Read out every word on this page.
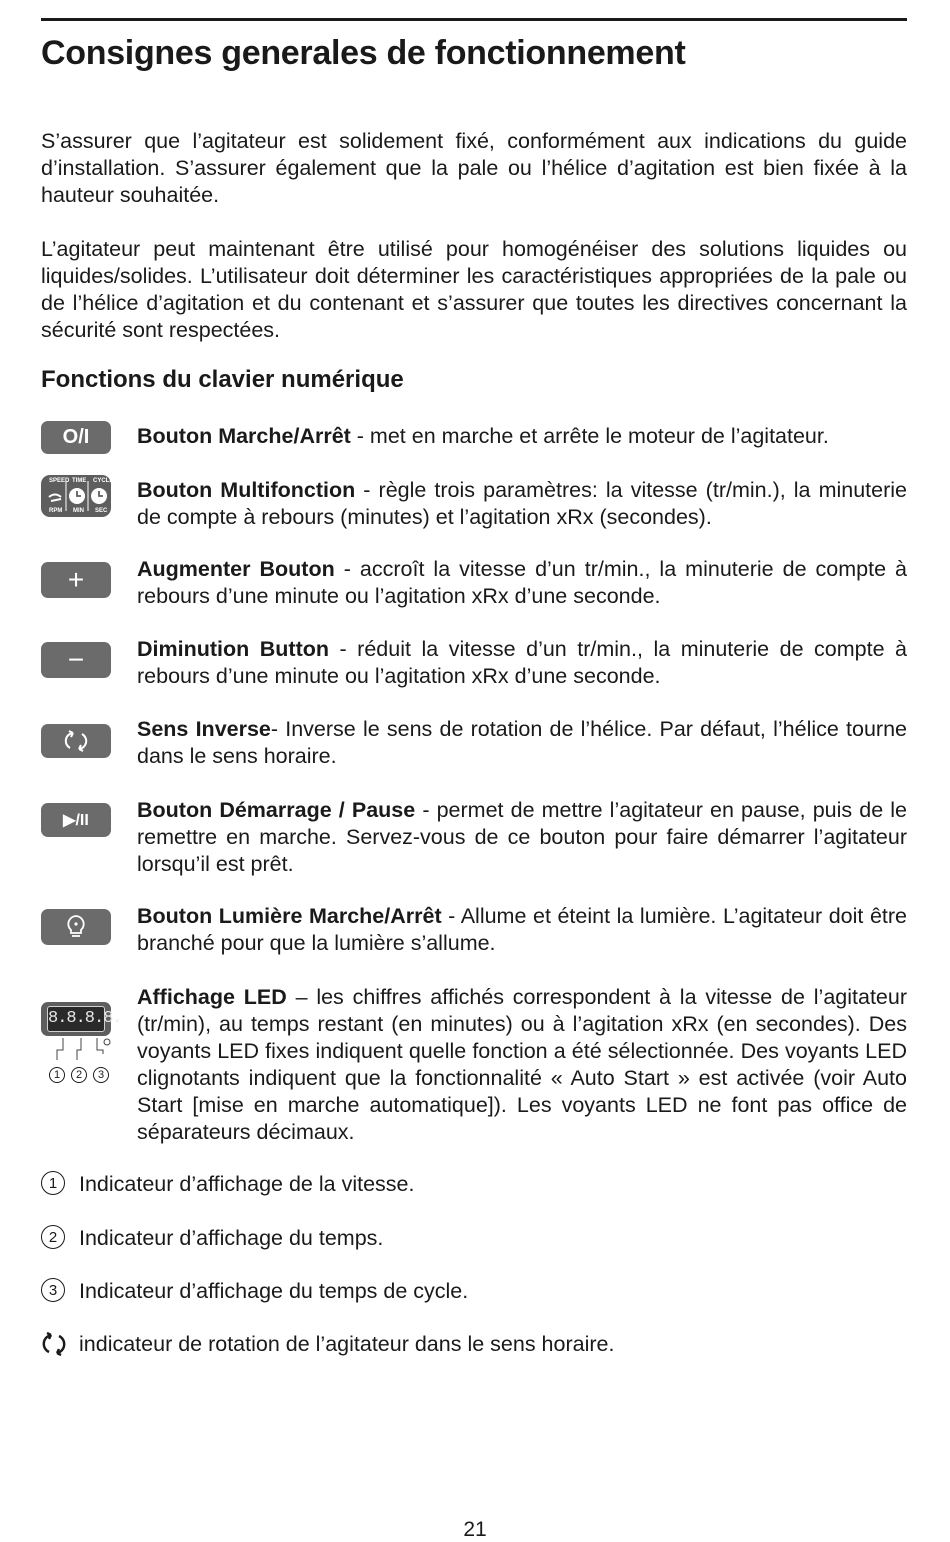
Consignes generales de fonctionnement

S’assurer que l’agitateur est solidement fixé, conformément aux indications du guide d’installation. S’assurer également que la pale ou l’hélice d’agitation est bien fixée à la hauteur souhaitée.

L’agitateur peut maintenant être utilisé pour homogénéiser des solutions liquides ou liquides/solides. L’utilisateur doit déterminer les caractéristiques appropriées de la pale ou de l’hélice d’agitation et du contenant et s’assurer que toutes les directives concernant la sécurité sont respectées.

Fonctions du clavier numérique
O/I	Bouton Marche/Arrêt - met en marche et arrête le moteur de l’agitateur.

SPEED TIME CYCLE
RPM MIN SEC

Bouton Multifonction - règle trois paramètres: la vitesse (tr/min.), la minuterie de compte à rebours (minutes) et l’agitation xRx (secondes).

+	Augmenter Bouton - accroît la vitesse d’un tr/min., la minuterie de compte à rebours d’une minute ou l’agitation xRx d’une seconde.

−	Diminution Button - réduit la vitesse d’un tr/min., la minuterie de compte à rebours d’une minute ou l’agitation xRx d’une seconde.

Sens Inverse- Inverse le sens de rotation de l’hélice. Par défaut, l’hélice tourne dans le sens horaire.

▶/II	Bouton Démarrage / Pause - permet de mettre l’agitateur en pause, puis de le remettre en marche. Servez-vous de ce bouton pour faire démarrer l’agitateur lorsqu’il est prêt.

Bouton Lumière Marche/Arrêt - Allume et éteint la lumière. L’agitateur doit être branché pour que la lumière s’allume.

8.8.8.8.
1	2	3

Affichage LED – les chiffres affichés correspondent à la vitesse de l’agitateur (tr/min), au temps restant (en minutes) ou à l’agitation xRx (en secondes). Des voyants LED fixes indiquent quelle fonction a été sélectionnée. Des voyants LED clignotants indiquent que la fonctionnalité « Auto Start » est activée (voir Auto Start [mise en marche automatique]). Les voyants LED ne font pas office de séparateurs décimaux.

1	Indicateur d’affichage de la vitesse.
2	Indicateur d’affichage du temps.
3	Indicateur d’affichage du temps de cycle.
indicateur de rotation de l’agitateur dans le sens horaire.
21
